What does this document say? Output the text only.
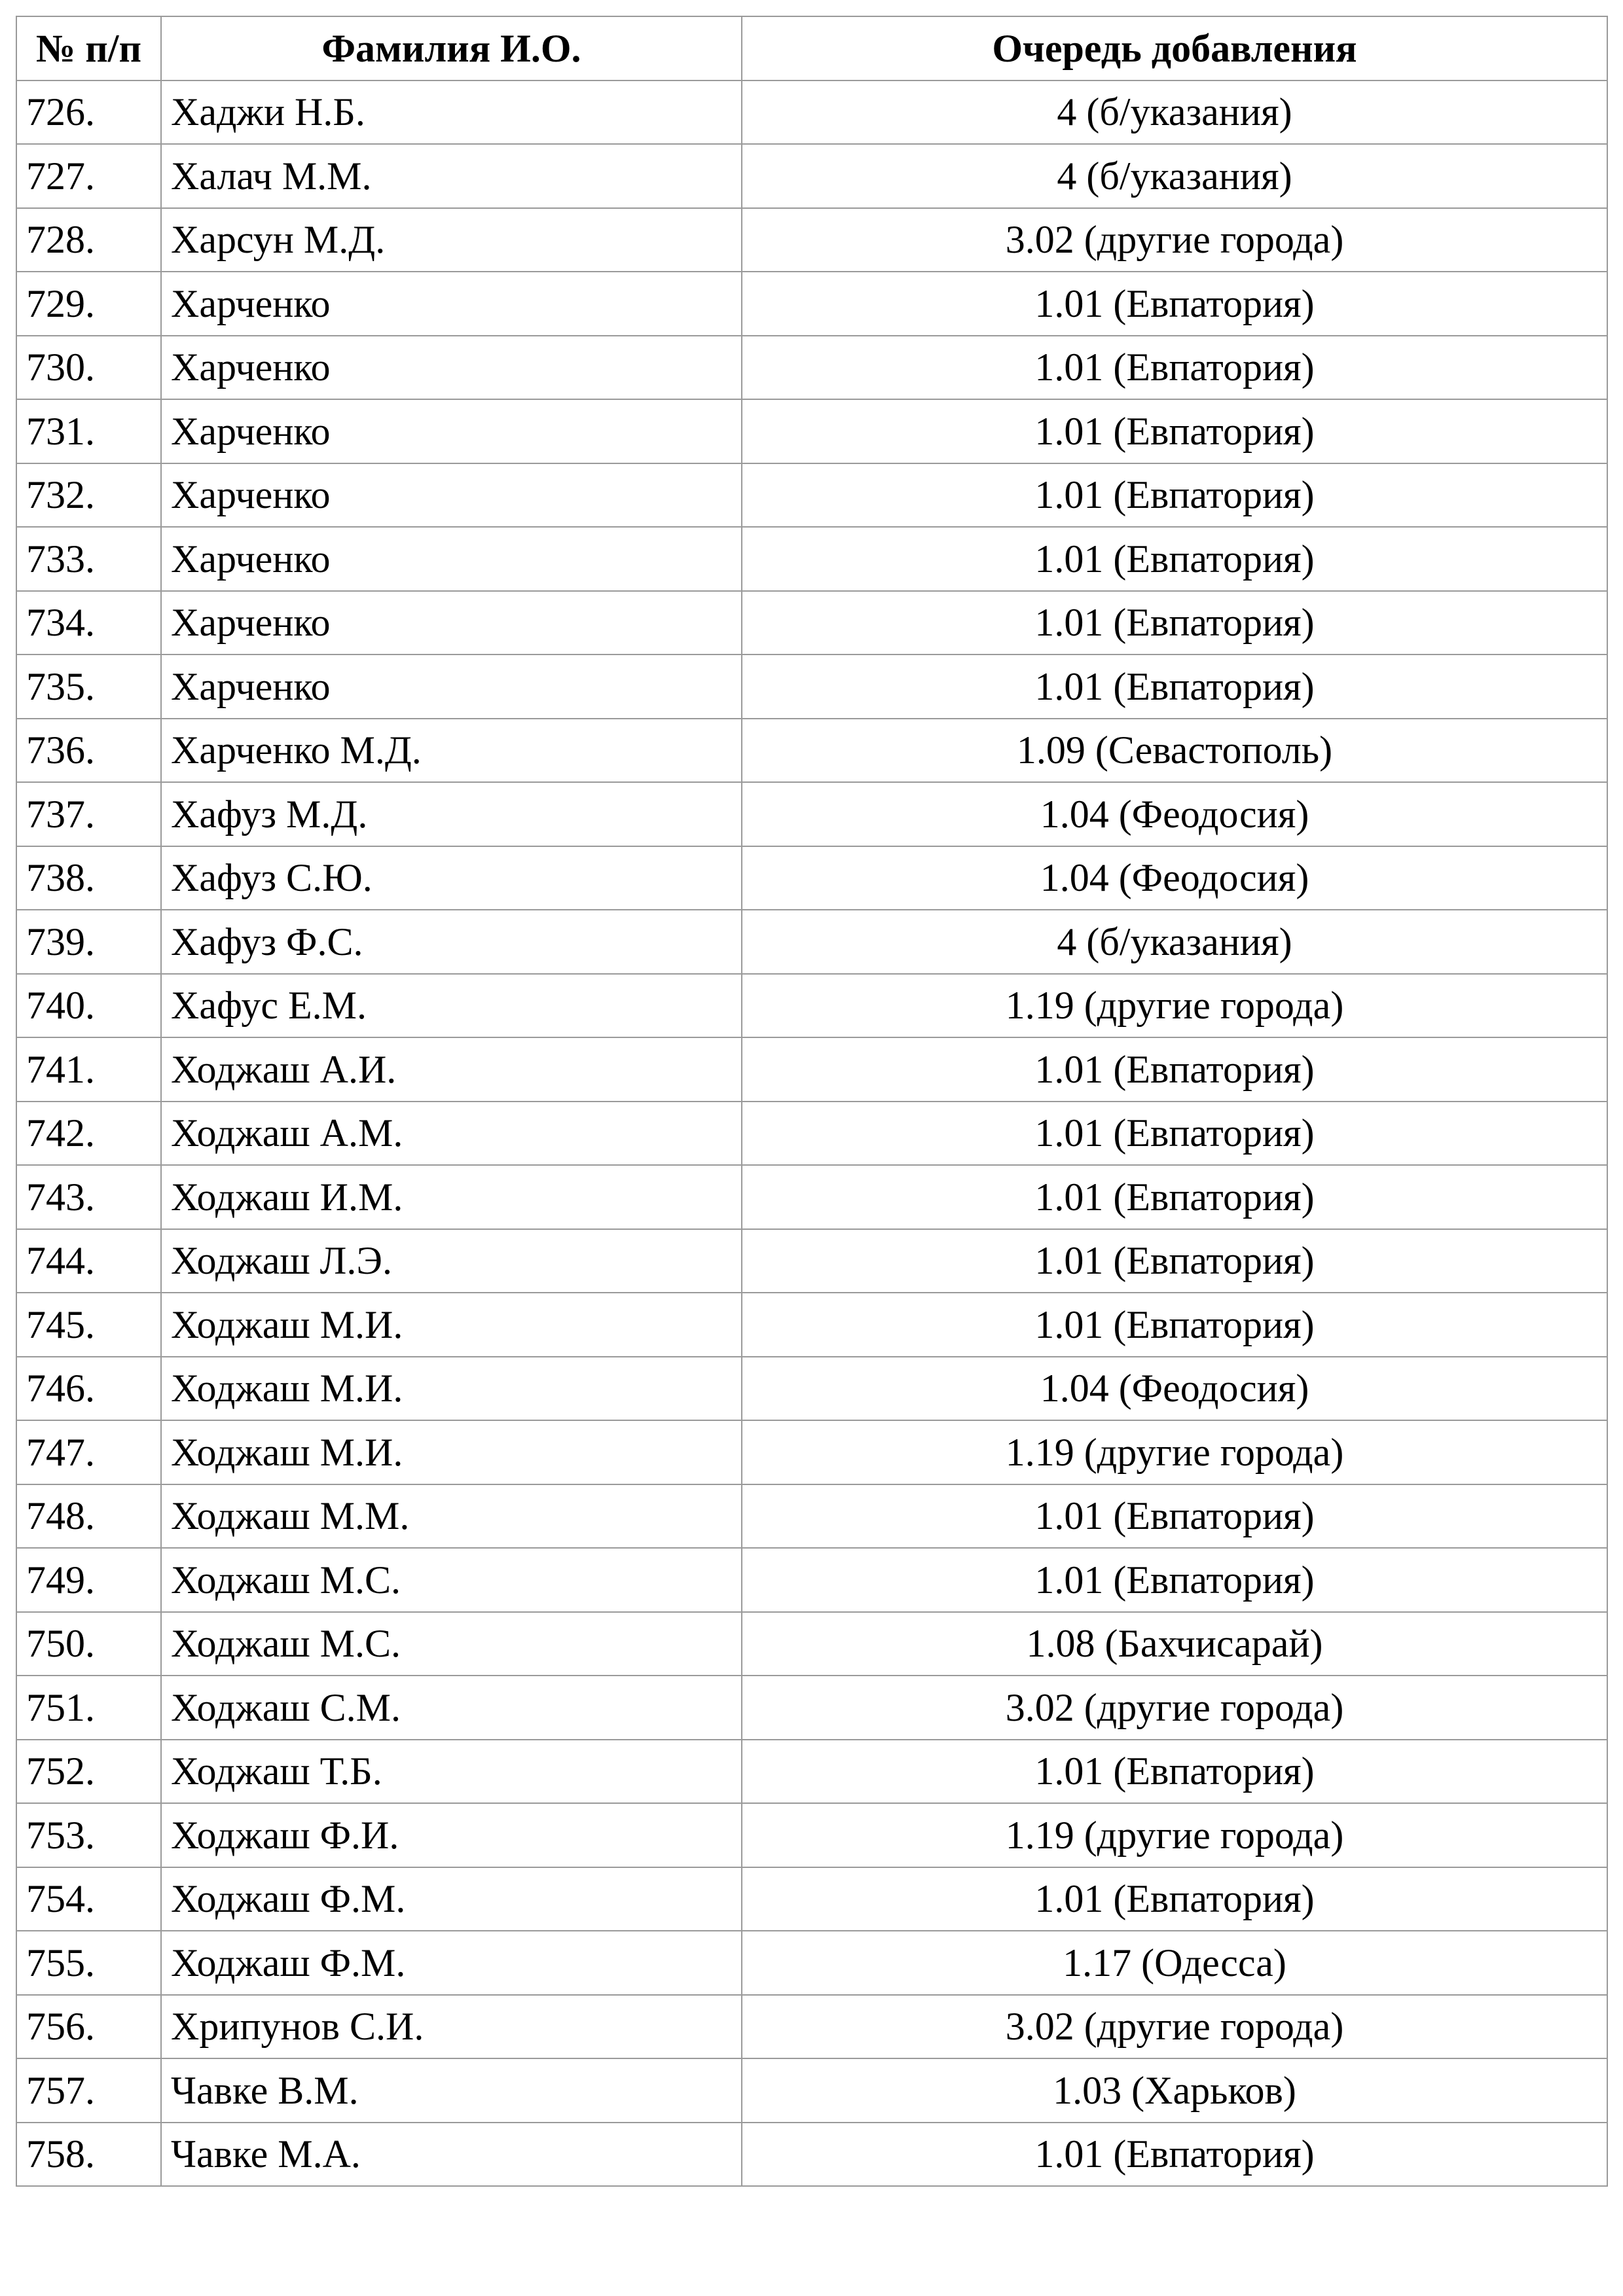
№ п/п	Фамилия И.О.	Очередь добавления
726.	Хаджи Н.Б.	4 (б/указания)
727.	Халач М.М.	4 (б/указания)
728.	Харсун М.Д.	3.02 (другие города)
729.	Харченко	1.01 (Евпатория)
730.	Харченко	1.01 (Евпатория)
731.	Харченко	1.01 (Евпатория)
732.	Харченко	1.01 (Евпатория)
733.	Харченко	1.01 (Евпатория)
734.	Харченко	1.01 (Евпатория)
735.	Харченко	1.01 (Евпатория)
736.	Харченко М.Д.	1.09 (Севастополь)
737.	Хафуз М.Д.	1.04 (Феодосия)
738.	Хафуз С.Ю.	1.04 (Феодосия)
739.	Хафуз Ф.С.	4 (б/указания)
740.	Хафус Е.М.	1.19 (другие города)
741.	Ходжаш А.И.	1.01 (Евпатория)
742.	Ходжаш А.М.	1.01 (Евпатория)
743.	Ходжаш И.М.	1.01 (Евпатория)
744.	Ходжаш Л.Э.	1.01 (Евпатория)
745.	Ходжаш М.И.	1.01 (Евпатория)
746.	Ходжаш М.И.	1.04 (Феодосия)
747.	Ходжаш М.И.	1.19 (другие города)
748.	Ходжаш М.М.	1.01 (Евпатория)
749.	Ходжаш М.С.	1.01 (Евпатория)
750.	Ходжаш М.С.	1.08 (Бахчисарай)
751.	Ходжаш С.М.	3.02 (другие города)
752.	Ходжаш Т.Б.	1.01 (Евпатория)
753.	Ходжаш Ф.И.	1.19 (другие города)
754.	Ходжаш Ф.М.	1.01 (Евпатория)
755.	Ходжаш Ф.М.	1.17 (Одесса)
756.	Хрипунов С.И.	3.02 (другие города)
757.	Чавке В.М.	1.03 (Харьков)
758.	Чавке М.А.	1.01 (Евпатория)
